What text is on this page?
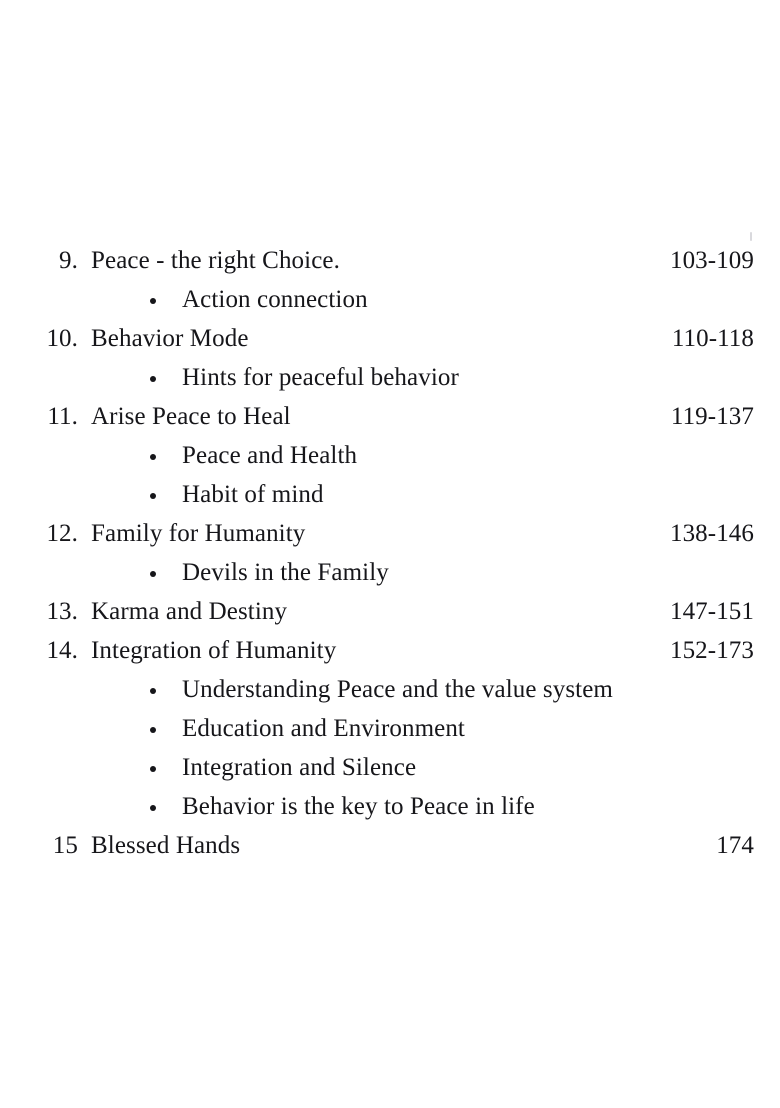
9. Peace - the right Choice.	103-109
Action connection
10. Behavior Mode	110-118
Hints for peaceful behavior
11. Arise Peace to Heal	119-137
Peace and Health
Habit of mind
12. Family for Humanity	138-146
Devils in the Family
13. Karma and Destiny	147-151
14. Integration of Humanity	152-173
Understanding Peace and the value system
Education and Environment
Integration and Silence
Behavior is the key to Peace in life
15 Blessed Hands	174
